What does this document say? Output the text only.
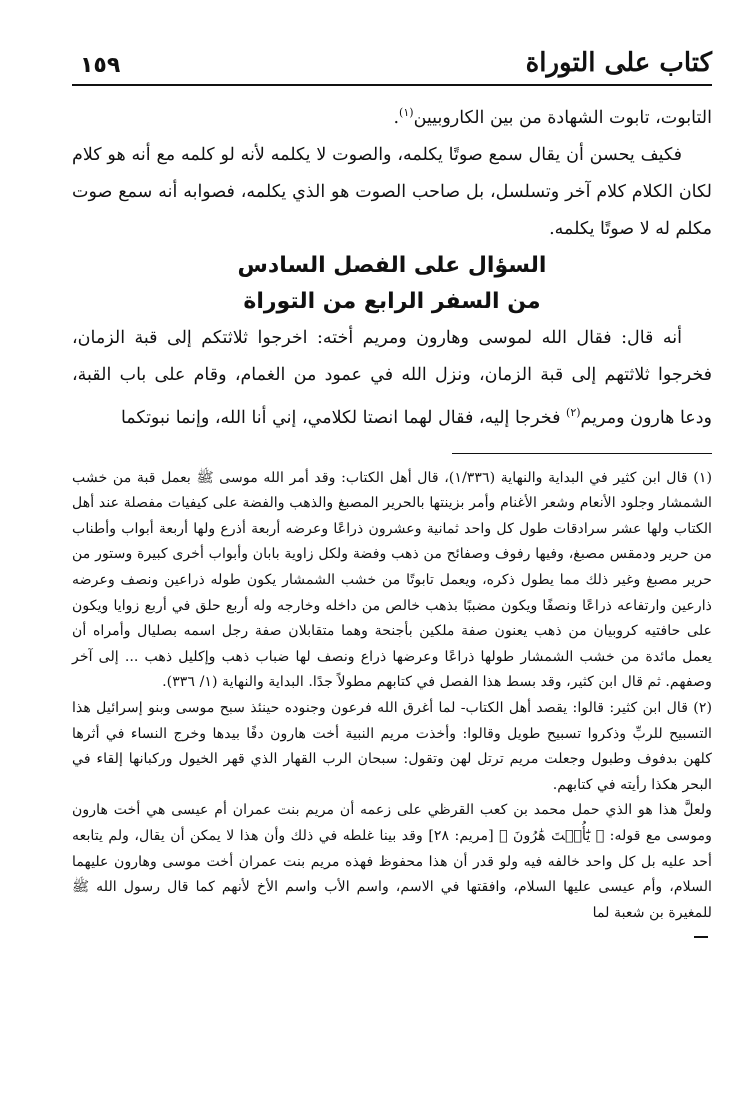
كتاب على التوراة
١٥٩

التابوت، تابوت الشهادة من بين الكاروبيين$^{(١)}$.

فكيف يحسن أن يقال سمع صوتًا يكلمه، والصوت لا يكلمه لأنه لو كلمه مع أنه هو كلام لكان الكلام كلام آخر وتسلسل، بل صاحب الصوت هو الذي يكلمه، فصوابه أنه سمع صوت مكلم له لا صوتًا يكلمه.

السؤال على الفصل السادس
من السفر الرابع من التوراة

أنه قال: فقال الله لموسى وهارون ومريم أخته: اخرجوا ثلاثتكم إلى قبة الزمان، فخرجوا ثلاثتهم إلى قبة الزمان، ونزل الله في عمود من الغمام، وقام على باب القبة، ودعا هارون ومريم$^{(٢)}$ فخرجا إليه، فقال لهما انصتا لكلامي، إني أنا الله، وإنما نبوتكما

(١) قال ابن كثير في البداية والنهاية (١/٣٣٦)، قال أهل الكتاب: وقد أمر الله موسى ﷺ بعمل قبة من خشب الشمشار وجلود الأنعام وشعر الأغنام وأمر بزينتها بالحرير المصبغ والذهب والفضة على كيفيات مفصلة عند أهل الكتاب ولها عشر سرادقات طول كل واحد ثمانية وعشرون ذراعًا وعرضه أربعة أذرع ولها أربعة أبواب وأطناب من حرير ودمقس مصبغ، وفيها رفوف وصفائح من ذهب وفضة ولكل زاوية بابان وأبواب أخرى كبيرة وستور من حرير مصبغ وغير ذلك مما يطول ذكره، ويعمل تابوتًا من خشب الشمشار يكون طوله ذراعين ونصف وعرضه ذارعين وارتفاعه ذراعًا ونصفًا ويكون مضببًا بذهب خالص من داخله وخارجه وله أربع حلق في أربع زوايا ويكون على حافتيه كروبيان من ذهب يعنون صفة ملكين بأجنحة وهما متقابلان صفة رجل اسمه بصليال وأمراه أن يعمل مائدة من خشب الشمشار طولها ذراعًا وعرضها ذراع ونصف لها ضباب ذهب وإكليل ذهب ... إلى آخر وصفهم. ثم قال ابن كثير، وقد بسط هذا الفصل في كتابهم مطولاً جدًا. البداية والنهاية (١/ ٣٣٦).

(٢) قال ابن كثير: قالوا: يقصد أهل الكتاب- لما أغرق الله فرعون وجنوده حينئذ سبح موسى وبنو إسرائيل هذا التسبيح للربِّ وذكروا تسبيح طويل وقالوا: وأخذت مريم النبية أخت هارون دفًا بيدها وخرج النساء في أثرها كلهن بدفوف وطبول وجعلت مريم ترتل لهن وتقول: سبحان الرب القهار الذي قهر الخيول وركبانها إلقاء في البحر هكذا رأيته في كتابهم.

ولعلَّ هذا هو الذي حمل محمد بن كعب القرظي على زعمه أن مريم بنت عمران أم عيسى هي أخت هارون وموسى مع قوله: ﴿ يَٰٓأُخۡتَ هَٰرُونَ ﴾ [مريم: ٢٨] وقد بينا غلطه في ذلك وأن هذا لا يمكن أن يقال، ولم يتابعه أحد عليه بل كل واحد خالفه فيه ولو قدر أن هذا محفوظ فهذه مريم بنت عمران أخت موسى وهارون عليهما السلام، وأم عيسى عليها السلام، وافقتها في الاسم، واسم الأب واسم الأخ لأنهم كما قال رسول الله ﷺ للمغيرة بن شعبة لما
